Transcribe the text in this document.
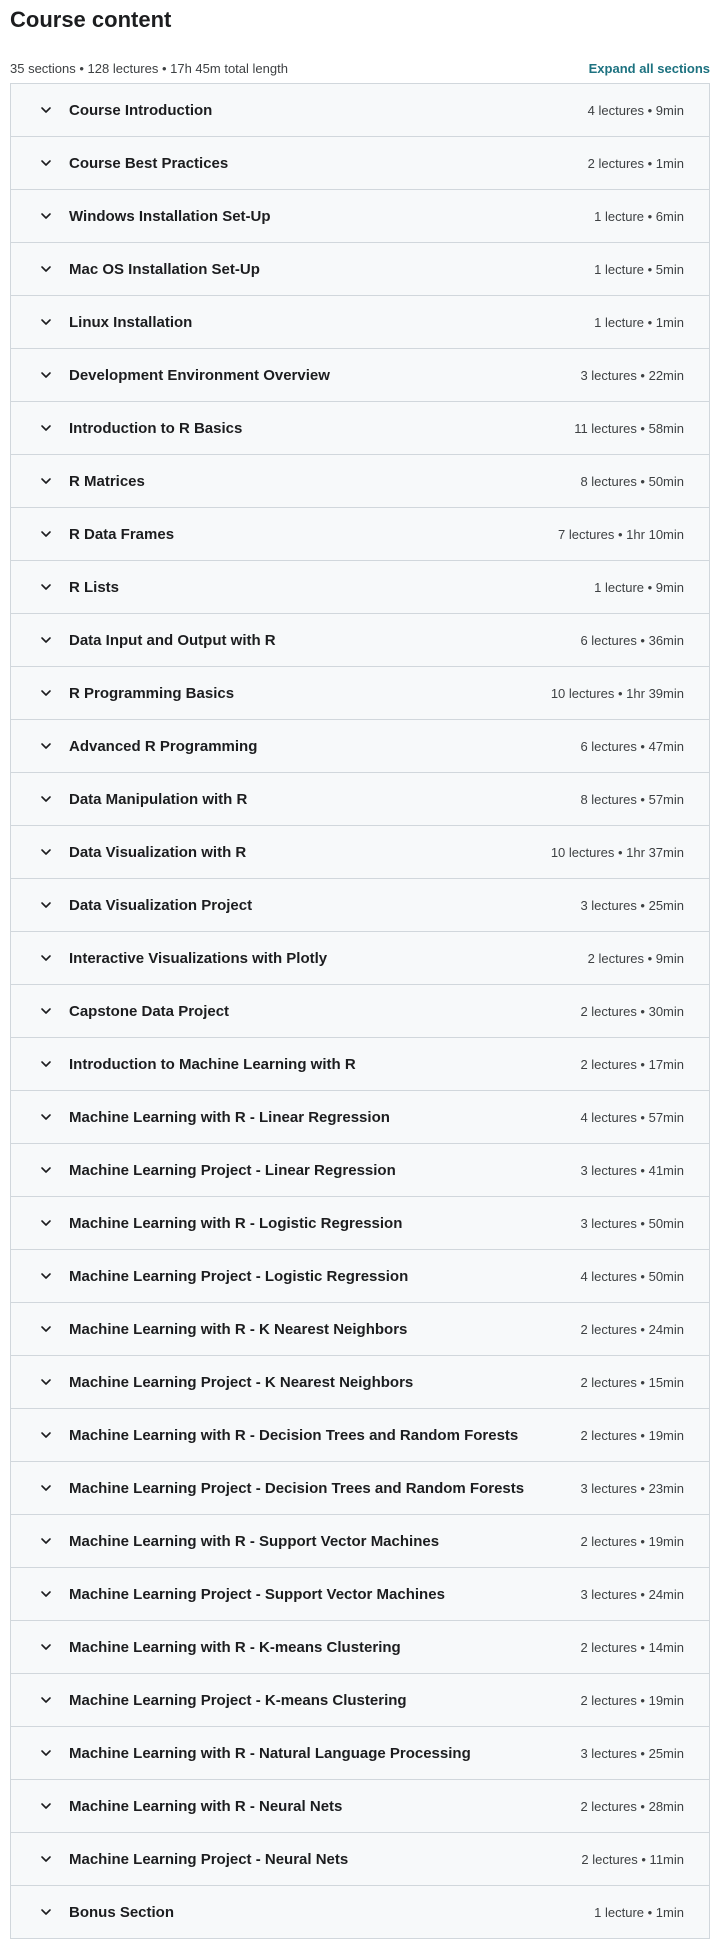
Course content
35 sections • 128 lectures • 17h 45m total length	Expand all sections
Course Introduction	4 lectures • 9min
Course Best Practices	2 lectures • 1min
Windows Installation Set-Up	1 lecture • 6min
Mac OS Installation Set-Up	1 lecture • 5min
Linux Installation	1 lecture • 1min
Development Environment Overview	3 lectures • 22min
Introduction to R Basics	11 lectures • 58min
R Matrices	8 lectures • 50min
R Data Frames	7 lectures • 1hr 10min
R Lists	1 lecture • 9min
Data Input and Output with R	6 lectures • 36min
R Programming Basics	10 lectures • 1hr 39min
Advanced R Programming	6 lectures • 47min
Data Manipulation with R	8 lectures • 57min
Data Visualization with R	10 lectures • 1hr 37min
Data Visualization Project	3 lectures • 25min
Interactive Visualizations with Plotly	2 lectures • 9min
Capstone Data Project	2 lectures • 30min
Introduction to Machine Learning with R	2 lectures • 17min
Machine Learning with R - Linear Regression	4 lectures • 57min
Machine Learning Project - Linear Regression	3 lectures • 41min
Machine Learning with R - Logistic Regression	3 lectures • 50min
Machine Learning Project - Logistic Regression	4 lectures • 50min
Machine Learning with R - K Nearest Neighbors	2 lectures • 24min
Machine Learning Project - K Nearest Neighbors	2 lectures • 15min
Machine Learning with R - Decision Trees and Random Forests	2 lectures • 19min
Machine Learning Project - Decision Trees and Random Forests	3 lectures • 23min
Machine Learning with R - Support Vector Machines	2 lectures • 19min
Machine Learning Project - Support Vector Machines	3 lectures • 24min
Machine Learning with R - K-means Clustering	2 lectures • 14min
Machine Learning Project - K-means Clustering	2 lectures • 19min
Machine Learning with R - Natural Language Processing	3 lectures • 25min
Machine Learning with R - Neural Nets	2 lectures • 28min
Machine Learning Project - Neural Nets	2 lectures • 11min
Bonus Section	1 lecture • 1min
